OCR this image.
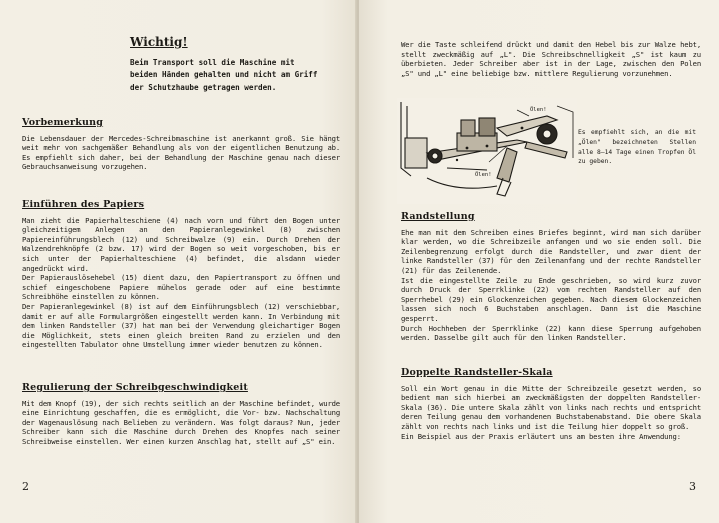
Wichtig!
Beim Transport soll die Maschine mit beiden Händen gehalten und nicht am Griff der Schutzhaube getragen werden.

Vorbemerkung

Die Lebensdauer der Mercedes-Schreibmaschine ist anerkannt groß. Sie hängt weit mehr von sachgemäßer Behandlung als von der eigentlichen Benutzung ab. Es empfiehlt sich daher, bei der Behandlung der Maschine genau nach dieser Gebrauchsanweisung vorzugehen.

Einführen des Papiers

Man zieht die Papierhalteschiene (4) nach vorn und führt den Bogen unter gleichzeitigem Anlegen an den Papieranlegewinkel (8) zwischen Papiereinführungsblech (12) und Schreibwalze (9) ein. Durch Drehen der Walzendrehknöpfe (2 bzw. 17) wird der Bogen so weit vorgeschoben, bis er sich unter der Papierhalteschiene (4) befindet, die alsdann wieder angedrückt wird.

Der Papierauslösehebel (15) dient dazu, den Papiertransport zu öffnen und schief eingeschobene Papiere mühelos gerade oder auf eine bestimmte Schreibhöhe einstellen zu können.

Der Papieranlegewinkel (8) ist auf dem Einführungsblech (12) verschiebbar, damit er auf alle Formulargrößen eingestellt werden kann. In Verbindung mit dem linken Randsteller (37) hat man bei der Verwendung gleichartiger Bogen die Möglichkeit, stets einen gleich breiten Rand zu erzielen und den eingestellten Tabulator ohne Umstellung immer wieder benutzen zu können.

Regulierung der Schreibgeschwindigkeit

Mit dem Knopf (19), der sich rechts seitlich an der Maschine befindet, wurde eine Einrichtung geschaffen, die es ermöglicht, die Vor- bzw. Nachschaltung der Wagenauslösung nach Belieben zu verändern. Was folgt daraus? Nun, jeder Schreiber kann sich die Maschine durch Drehen des Knopfes nach seiner Schreibweise einstellen. Wer einen kurzen Anschlag hat, stellt auf „S" ein.

2
Wer die Taste schleifend drückt und damit den Hebel bis zur Walze hebt, stellt zweckmäßig auf „L". Die Schreibschnelligkeit „S" ist kaum zu überbieten. Jeder Schreiber aber ist in der Lage, zwischen den Polen „S" und „L" eine beliebige bzw. mittlere Regulierung vorzunehmen.
Ölen!
Ölen!
Es empfiehlt sich, an die mit „Ölen" bezeichneten Stellen alle 8—14 Tage einen Tropfen Öl zu geben.

Randstellung

Ehe man mit dem Schreiben eines Briefes beginnt, wird man sich darüber klar werden, wo die Schreibzeile anfangen und wo sie enden soll. Die Zeilenbegrenzung erfolgt durch die Randsteller, und zwar dient der linke Randsteller (37) für den Zeilenanfang und der rechte Randsteller (21) für das Zeilenende.

Ist die eingestellte Zeile zu Ende geschrieben, so wird kurz zuvor durch Druck der Sperrklinke (22) vom rechten Randsteller auf den Sperrhebel (29) ein Glockenzeichen gegeben. Nach diesem Glockenzeichen lassen sich noch 6 Buchstaben anschlagen. Dann ist die Maschine gesperrt.

Durch Hochheben der Sperrklinke (22) kann diese Sperrung aufgehoben werden. Dasselbe gilt auch für den linken Randsteller.

Doppelte Randsteller-Skala

Soll ein Wort genau in die Mitte der Schreibzeile gesetzt werden, so bedient man sich hierbei am zweckmäßigsten der doppelten Randsteller-Skala (36). Die untere Skala zählt von links nach rechts und entspricht deren Teilung genau dem vorhandenen Buchstabenabstand. Die obere Skala zählt von rechts nach links und ist die Teilung hier doppelt so groß.

Ein Beispiel aus der Praxis erläutert uns am besten ihre Anwendung:

3
